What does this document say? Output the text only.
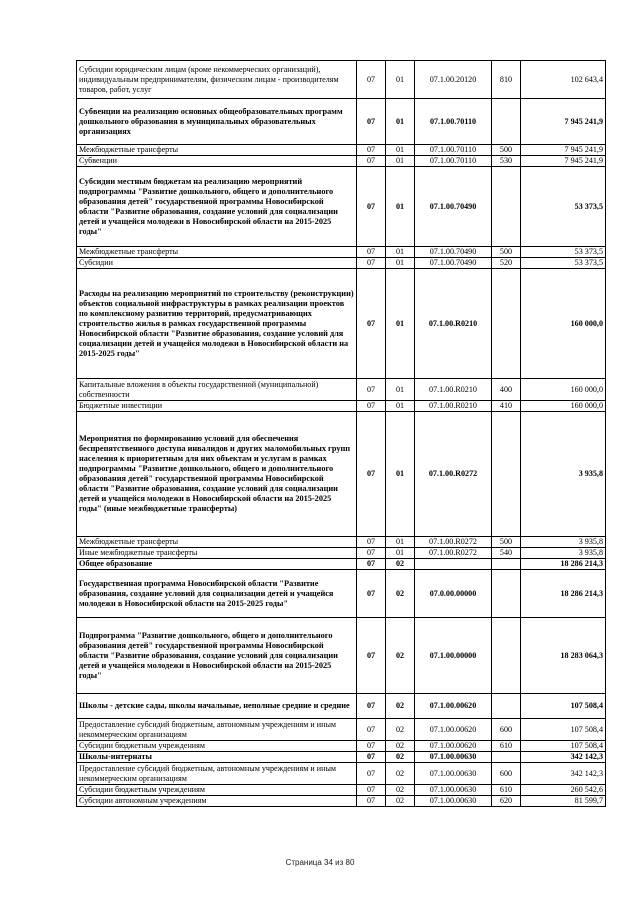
Субсидии юридическим лицам (кроме некоммерческих организаций), индивидуальным предпринимателям, физическим лицам - производителям товаров, работ, услуг	07	01	07.1.00.20120	810	102 643,4
Субвенции на реализацию основных общеобразовательных программ дошкольного образования в муниципальных образовательных организациях	07	01	07.1.00.70110		7 945 241,9
Межбюджетные трансферты	07	01	07.1.00.70110	500	7 945 241,9
Субвенции	07	01	07.1.00.70110	530	7 945 241,9
Субсидии местным бюджетам на реализацию мероприятий подпрограммы "Развитие дошкольного, общего и дополнительного образования детей" государственной программы Новосибирской области "Развитие образования, создание условий для социализации детей и учащейся молодежи в Новосибирской области на 2015-2025 годы"	07	01	07.1.00.70490		53 373,5
Межбюджетные трансферты	07	01	07.1.00.70490	500	53 373,5
Субсидии	07	01	07.1.00.70490	520	53 373,5
Расходы на реализацию мероприятий по строительству (реконструкции) объектов социальной инфраструктуры в рамках реализации проектов по комплексному развитию территорий, предусматривающих строительство жилья в рамках государственной программы Новосибирской области "Развитие образования, создание условий для социализации детей и учащейся молодежи в Новосибирской области на 2015-2025 годы"	07	01	07.1.00.R0210		160 000,0
Капитальные вложения в объекты государственной (муниципальной) собственности	07	01	07.1.00.R0210	400	160 000,0
Бюджетные инвестиции	07	01	07.1.00.R0210	410	160 000,0
Мероприятия по формированию условий для обеспечения беспрепятственного доступа инвалидов и других маломобильных групп населения к приоритетным для них объектам и услугам в рамках подпрограммы "Развитие дошкольного, общего и дополнительного образования детей" государственной программы Новосибирской области "Развитие образования, создание условий для социализации детей и учащейся молодежи в Новосибирской области на 2015-2025 годы" (иные межбюджетные трансферты)	07	01	07.1.00.R0272		3 935,8
Межбюджетные трансферты	07	01	07.1.00.R0272	500	3 935,8
Иные межбюджетные трансферты	07	01	07.1.00.R0272	540	3 935,8
Общее образование	07	02			18 286 214,3
Государственная программа Новосибирской области "Развитие образования, создание условий для социализации детей и учащейся молодежи в Новосибирской области на 2015-2025 годы"	07	02	07.0.00.00000		18 286 214,3
Подпрограмма "Развитие дошкольного, общего и дополнительного образования детей" государственной программы Новосибирской области "Развитие образования, создание условий для социализации детей и учащейся молодежи в Новосибирской области на 2015-2025 годы"	07	02	07.1.00.00000		18 283 064,3
Школы - детские сады, школы начальные, неполные средние и средние	07	02	07.1.00.00620		107 508,4
Предоставление субсидий бюджетным, автономным учреждениям и иным некоммерческим организациям	07	02	07.1.00.00620	600	107 508,4
Субсидии бюджетным учреждениям	07	02	07.1.00.00620	610	107 508,4
Школы-интернаты	07	02	07.1.00.00630		342 142,3
Предоставление субсидий бюджетным, автономным учреждениям и иным некоммерческим организациям	07	02	07.1.00.00630	600	342 142,3
Субсидии бюджетным учреждениям	07	02	07.1.00.00630	610	260 542,6
Субсидии автономным учреждениям	07	02	07.1.00.00630	620	81 599,7
Страница 34 из 80
